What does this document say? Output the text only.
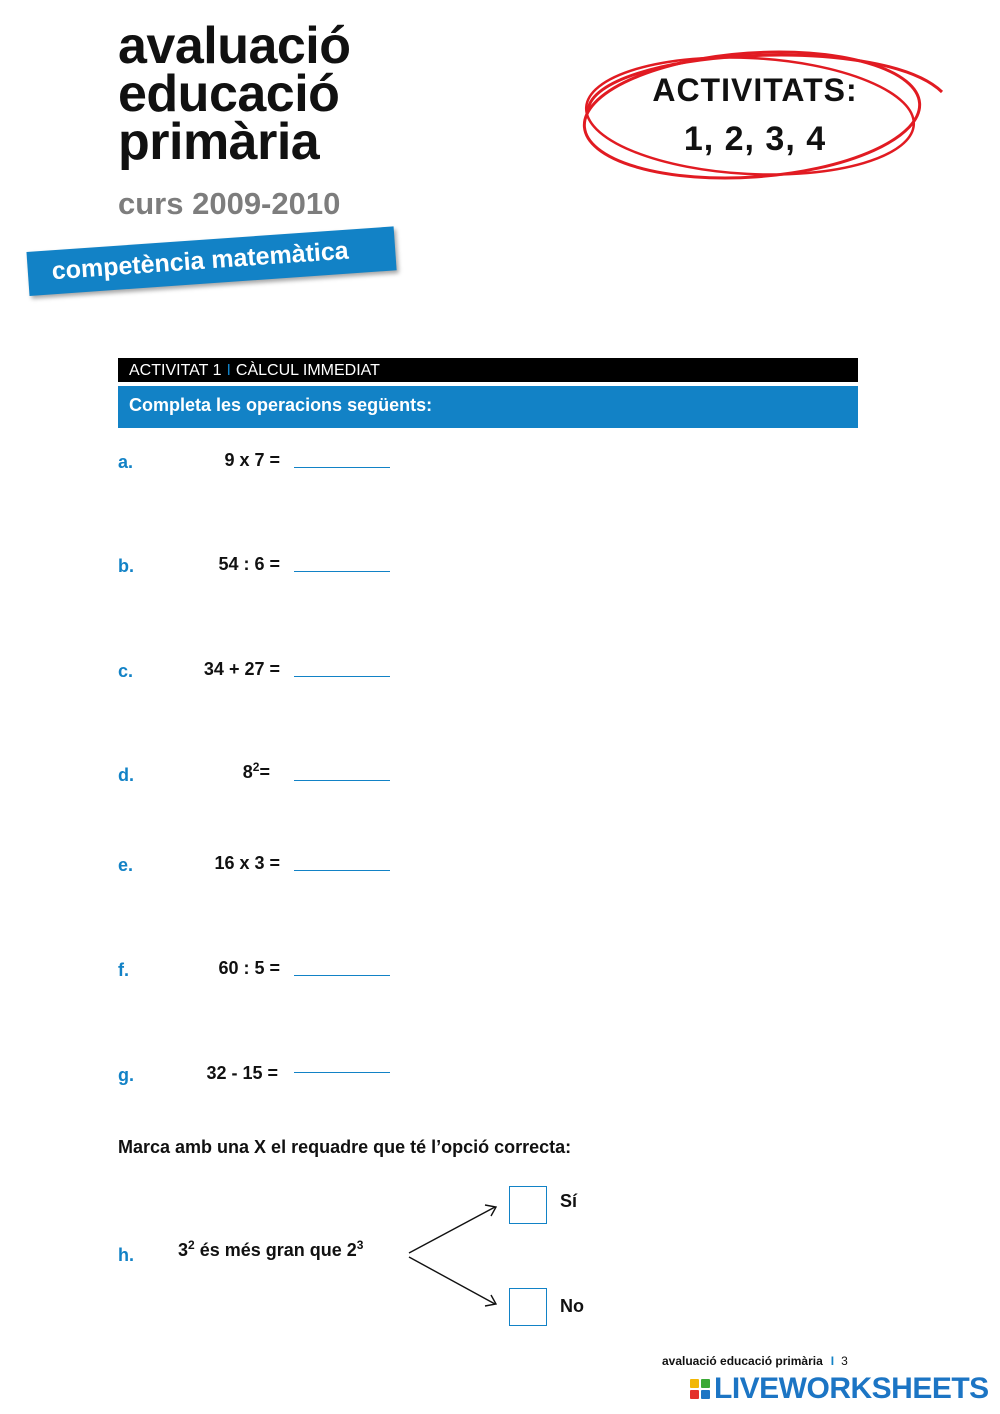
avaluació
educació
primària
curs 2009-2010
competència matemàtica
ACTIVITATS:
1, 2, 3, 4
ACTIVITAT 1 I CÀLCUL IMMEDIAT
Completa les operacions següents:
a.	9 x 7 =
b.	54 : 6 =
c.	34 + 27 =
d.	$8^2=$
e.	16 x 3 =
f.	60 : 5 =
g.	32 - 15 =
Marca amb una X el requadre que té l’opció correcta:
h. $3^2$ és més gran que $2^3$
Sí
No
avaluació educació primària I 3
LIVEWORKSHEETS
